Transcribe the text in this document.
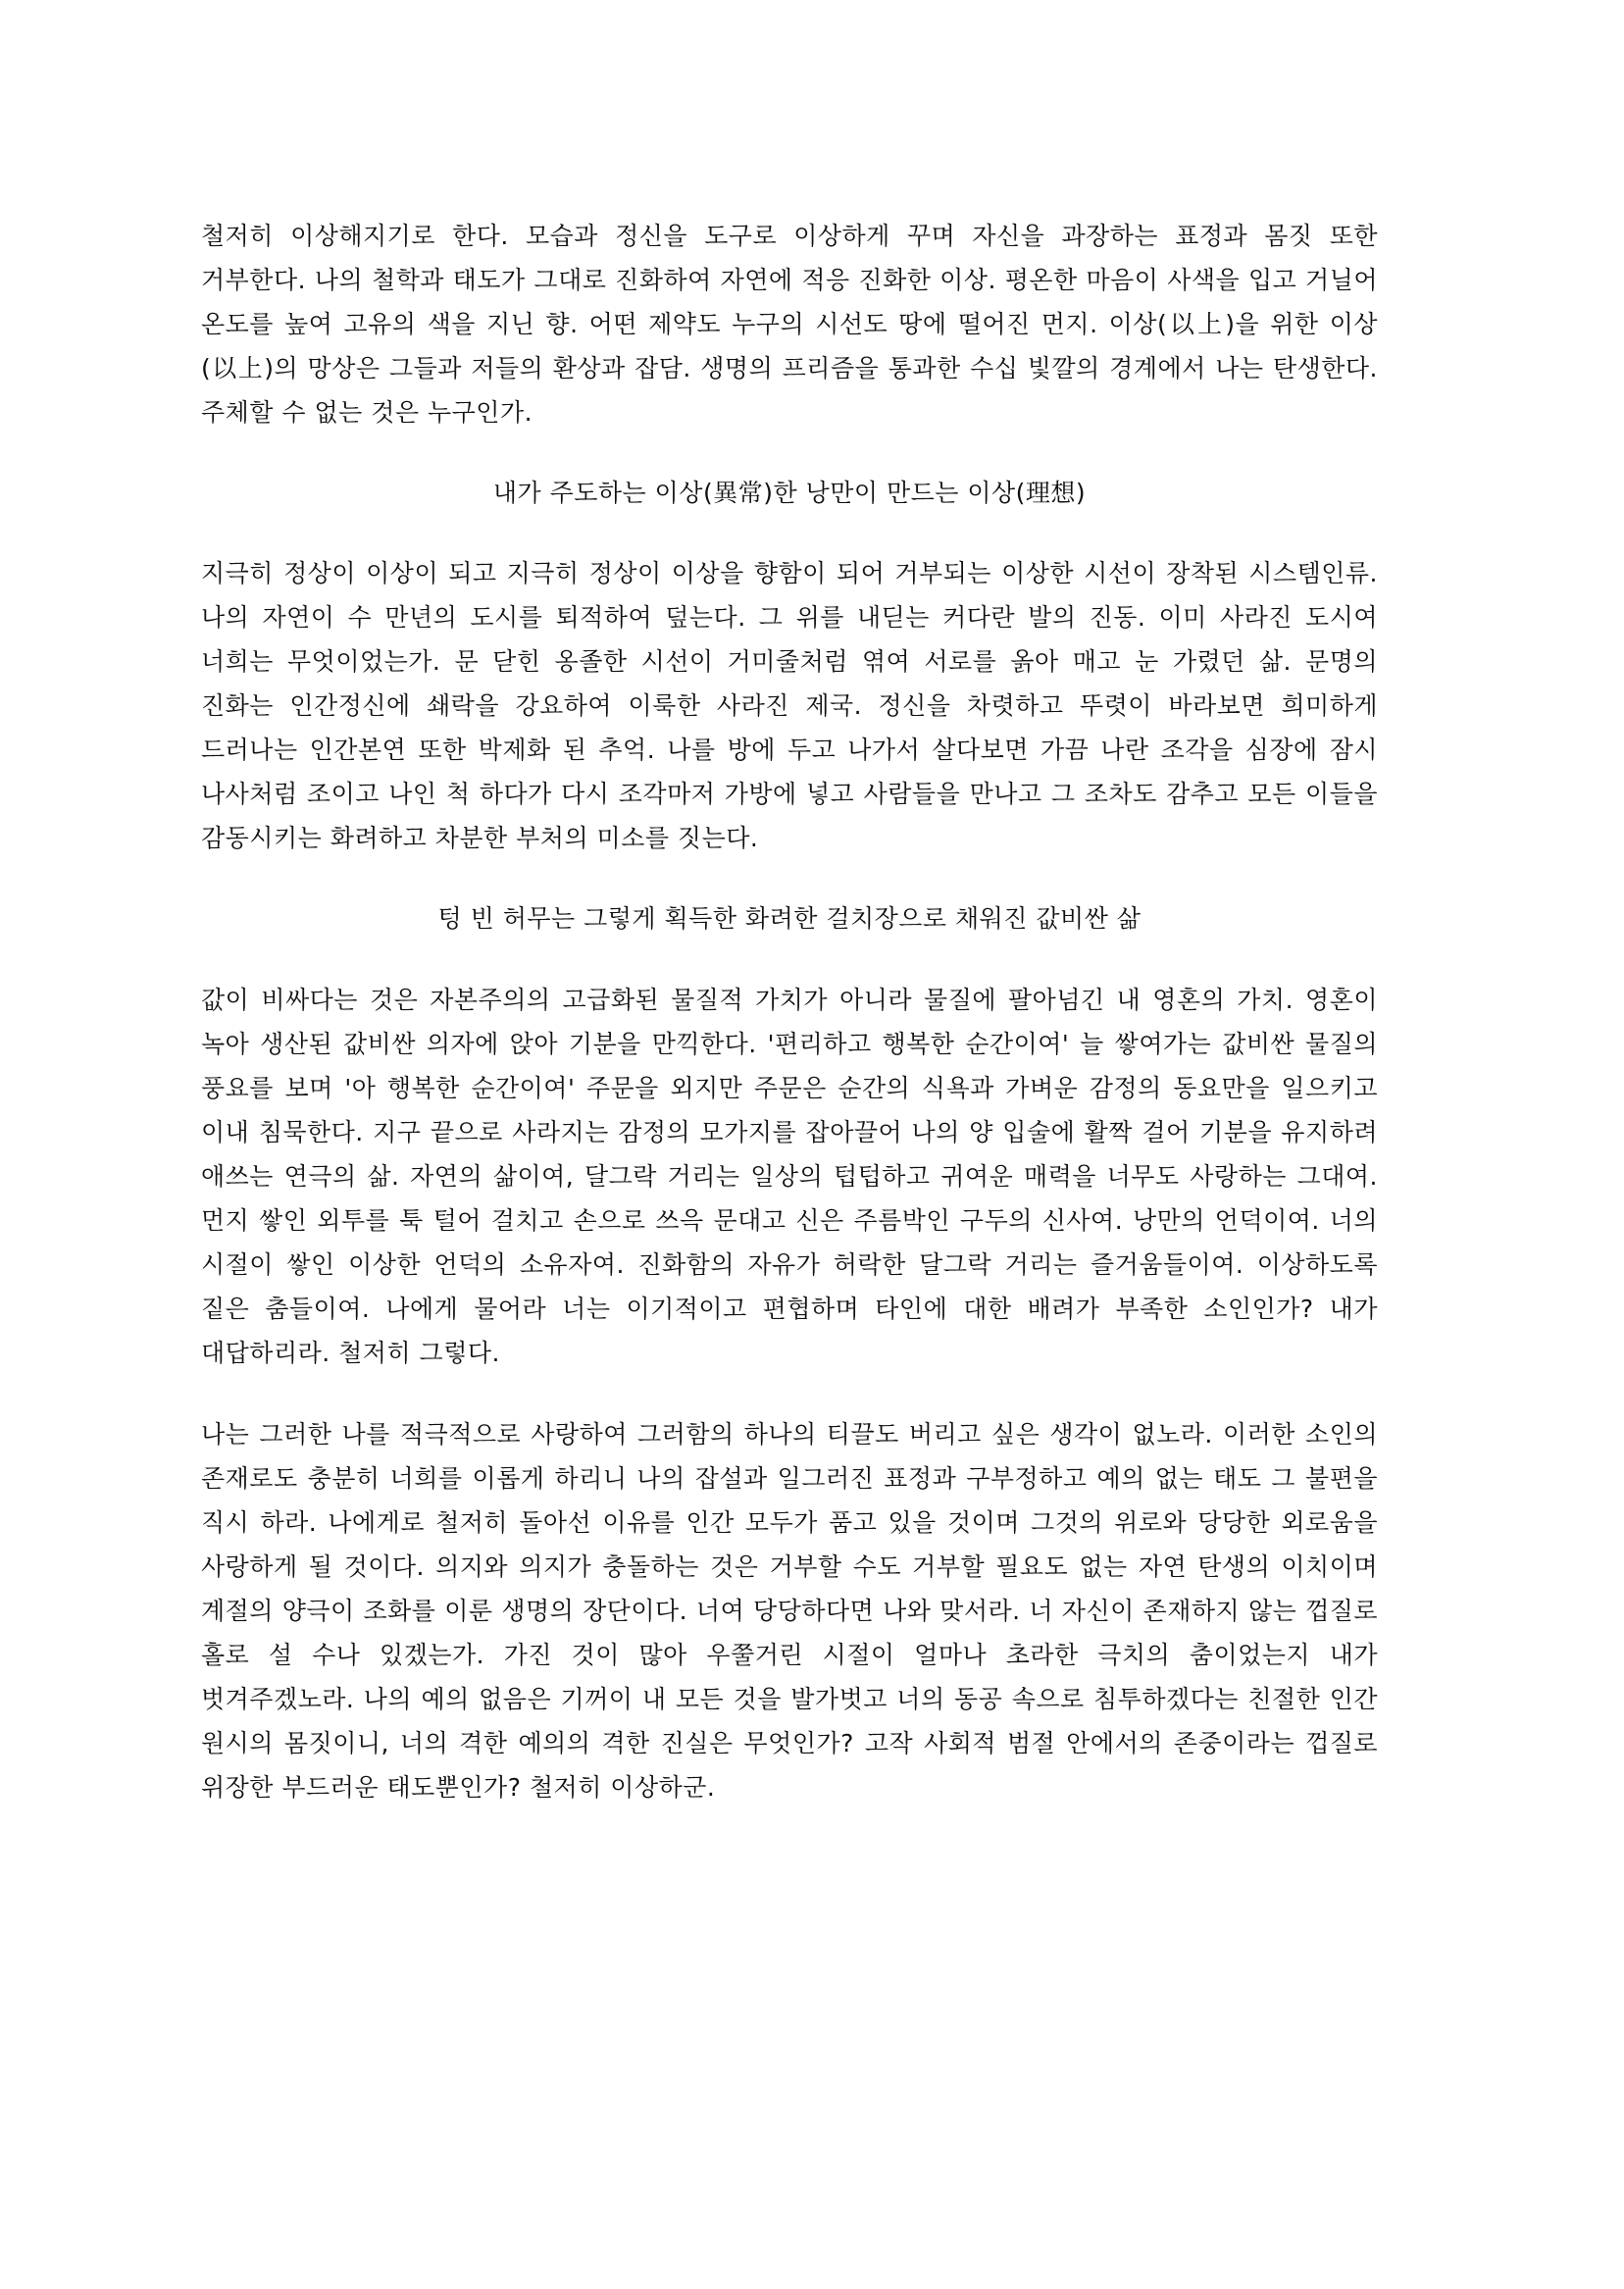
철저히 이상해지기로 한다. 모습과 정신을 도구로 이상하게 꾸며 자신을 과장하는 표정과 몸짓 또한 거부한다. 나의 철학과 태도가 그대로 진화하여 자연에 적응 진화한 이상. 평온한 마음이 사색을 입고 거닐어 온도를 높여 고유의 색을 지닌 향. 어떤 제약도 누구의 시선도 땅에 떨어진 먼지. 이상(以上)을 위한 이상(以上)의 망상은 그들과 저들의 환상과 잡담. 생명의 프리즘을 통과한 수십 빛깔의 경계에서 나는 탄생한다. 주체할 수 없는 것은 누구인가.

내가 주도하는 이상(異常)한 낭만이 만드는 이상(理想)

지극히 정상이 이상이 되고 지극히 정상이 이상을 향함이 되어 거부되는 이상한 시선이 장착된 시스템인류. 나의 자연이 수 만년의 도시를 퇴적하여 덮는다. 그 위를 내딛는 커다란 발의 진동. 이미 사라진 도시여 너희는 무엇이었는가. 문 닫힌 옹졸한 시선이 거미줄처럼 엮여 서로를 옭아 매고 눈 가렸던 삶. 문명의 진화는 인간정신에 쇄락을 강요하여 이룩한 사라진 제국. 정신을 차렷하고 뚜렷이 바라보면 희미하게 드러나는 인간본연 또한 박제화 된 추억. 나를 방에 두고 나가서 살다보면 가끔 나란 조각을 심장에 잠시 나사처럼 조이고 나인 척 하다가 다시 조각마저 가방에 넣고 사람들을 만나고 그 조차도 감추고 모든 이들을 감동시키는 화려하고 차분한 부처의 미소를 짓는다.

텅 빈 허무는 그렇게 획득한 화려한 걸치장으로 채워진 값비싼 삶

값이 비싸다는 것은 자본주의의 고급화된 물질적 가치가 아니라 물질에 팔아넘긴 내 영혼의 가치. 영혼이 녹아 생산된 값비싼 의자에 앉아 기분을 만끽한다. '편리하고 행복한 순간이여' 늘 쌓여가는 값비싼 물질의 풍요를 보며 '아 행복한 순간이여' 주문을 외지만 주문은 순간의 식욕과 가벼운 감정의 동요만을 일으키고 이내 침묵한다. 지구 끝으로 사라지는 감정의 모가지를 잡아끌어 나의 양 입술에 활짝 걸어 기분을 유지하려 애쓰는 연극의 삶. 자연의 삶이여, 달그락 거리는 일상의 텁텁하고 귀여운 매력을 너무도 사랑하는 그대여. 먼지 쌓인 외투를 툭 털어 걸치고 손으로 쓰윽 문대고 신은 주름박인 구두의 신사여. 낭만의 언덕이여. 너의 시절이 쌓인 이상한 언덕의 소유자여. 진화함의 자유가 허락한 달그락 거리는 즐거움들이여. 이상하도록 짙은 춤들이여. 나에게 물어라 너는 이기적이고 편협하며 타인에 대한 배려가 부족한 소인인가? 내가 대답하리라. 철저히 그렇다.

나는 그러한 나를 적극적으로 사랑하여 그러함의 하나의 티끌도 버리고 싶은 생각이 없노라. 이러한 소인의 존재로도 충분히 너희를 이롭게 하리니 나의 잡설과 일그러진 표정과 구부정하고 예의 없는 태도 그 불편을 직시 하라. 나에게로 철저히 돌아선 이유를 인간 모두가 품고 있을 것이며 그것의 위로와 당당한 외로움을 사랑하게 될 것이다. 의지와 의지가 충돌하는 것은 거부할 수도 거부할 필요도 없는 자연 탄생의 이치이며 계절의 양극이 조화를 이룬 생명의 장단이다. 너여 당당하다면 나와 맞서라. 너 자신이 존재하지 않는 껍질로 홀로 설 수나 있겠는가. 가진 것이 많아 우쭐거린 시절이 얼마나 초라한 극치의 춤이었는지 내가 벗겨주겠노라. 나의 예의 없음은 기꺼이 내 모든 것을 발가벗고 너의 동공 속으로 침투하겠다는 친절한 인간 원시의 몸짓이니, 너의 격한 예의의 격한 진실은 무엇인가? 고작 사회적 범절 안에서의 존중이라는 껍질로 위장한 부드러운 태도뿐인가? 철저히 이상하군.
